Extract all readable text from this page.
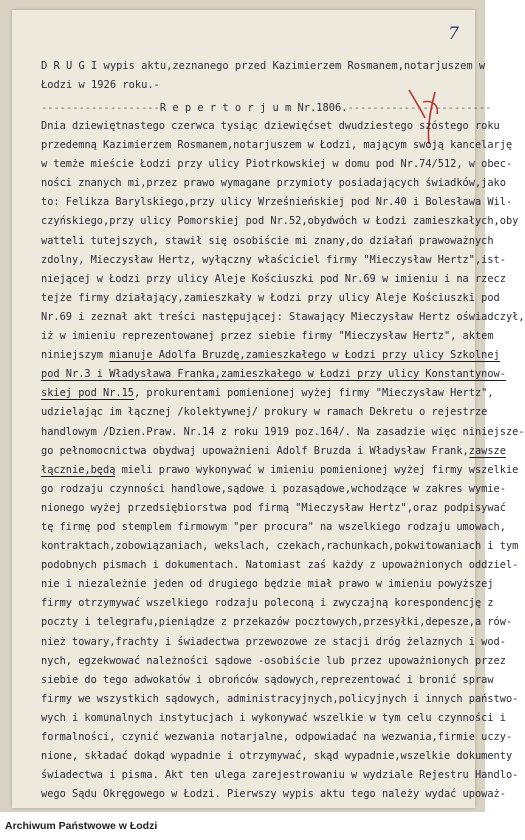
7
D R U G I wypis aktu,zeznanego przed Kazimierzem Rosmanem,notarjuszem w
Łodzi w 1926 roku.-
-------------------R e p e r t o r j u m Nr.1806.-----------------------
Dnia dziewiętnastego czerwca tysiąc dziewięćset dwudziestego szóstego roku
przedemną Kazimierzem Rosmanem,notarjuszem w Łodzi, mającym swoją kancelarję
w temże mieście Łodzi przy ulicy Piotrkowskiej w domu pod Nr.74/512, w obec-
ności znanych mi,przez prawo wymagane przymioty posiadających świadków,jako
to: Felikza Barylskiego,przy ulicy Wrześnieńskiej pod Nr.40 i Bolesława Wil-
czyńskiego,przy ulicy Pomorskiej pod Nr.52,obydwóch w Łodzi zamieszkałych,oby
watteli tutejszych, stawił się osobiście mi znany,do działań prawoważnych
zdolny, Mieczysław Hertz, wyłączny właściciel firmy "Mieczysław Hertz",ist-
niejącej w Łodzi przy ulicy Aleje Kościuszki pod Nr.69 w imieniu i na rzecz
tejże firmy działający,zamieszkały w Łodzi przy ulicy Aleje Kościuszki pod
Nr.69 i zeznał akt treści następującej: Stawający Mieczysław Hertz oświadczył,
iż w imieniu reprezentowanej przez siebie firmy "Mieczysław Hertz", aktem
niniejszym mianuje Adolfa Bruzdę,zamieszkałego w Łodzi przy ulicy Szkolnej
pod Nr.3 i Władysława Franka,zamieszkałego w Łodzi przy ulicy Konstantynow-
skiej pod Nr.15, prokurentami pomienionej wyżej firmy "Mieczysław Hertz",
udzielając im łącznej /kolektywnej/ prokury w ramach Dekretu o rejestrze
handlowym /Dzien.Praw. Nr.14 z roku 1919 poz.164/. Na zasadzie więc niniejsze-
go pełnomocnictwa obydwaj upoważnieni Adolf Bruzda i Władysław Frank,zawsze
łącznie,będą mieli prawo wykonywać w imieniu pomienionej wyżej firmy wszelkie
go rodzaju czynności handlowe,sądowe i pozasądowe,wchodzące w zakres wymie-
nionego wyżej przedsiębiorstwa pod firmą "Mieczysław Hertz",oraz podpisywać
tę firmę pod stemplem firmowym "per procura" na wszelkiego rodzaju umowach,
kontraktach,zobowiązaniach, wekslach, czekach,rachunkach,pokwitowaniach i tym
podobnych pismach i dokumentach. Natomiast zaś każdy z upoważnionych oddziel-
nie i niezależnie jeden od drugiego będzie miał prawo w imieniu powyższej
firmy otrzymywać wszelkiego rodzaju poleconą i zwyczajną korespondencję z
poczty i telegrafu,pieniądze z przekazów pocztowych,przesyłki,depesze,a rów-
nież towary,frachty i świadectwa przewozowe ze stacji dróg żelaznych i wod-
nych, egzekwować należności sądowe -osobiście lub przez upoważnionych przez
siebie do tego adwokatów i obrońców sądowych,reprezentować i bronić spraw
firmy we wszystkich sądowych, administracyjnych,policyjnych i innych państwo-
wych i komunalnych instytucjach i wykonywać wszelkie w tym celu czynności i
formalności, czynić wezwania notarjalne, odpowiadać na wezwania,firmie uczy-
nione, składać dokąd wypadnie i otrzymywać, skąd wypadnie,wszelkie dokumenty
świadectwa i pisma. Akt ten ulega zarejestrowaniu w wydziale Rejestru Handlo-
wego Sądu Okręgowego w Łodzi. Pierwszy wypis aktu tego należy wydać upoważ-
Archiwum Państwowe w Łodzi
